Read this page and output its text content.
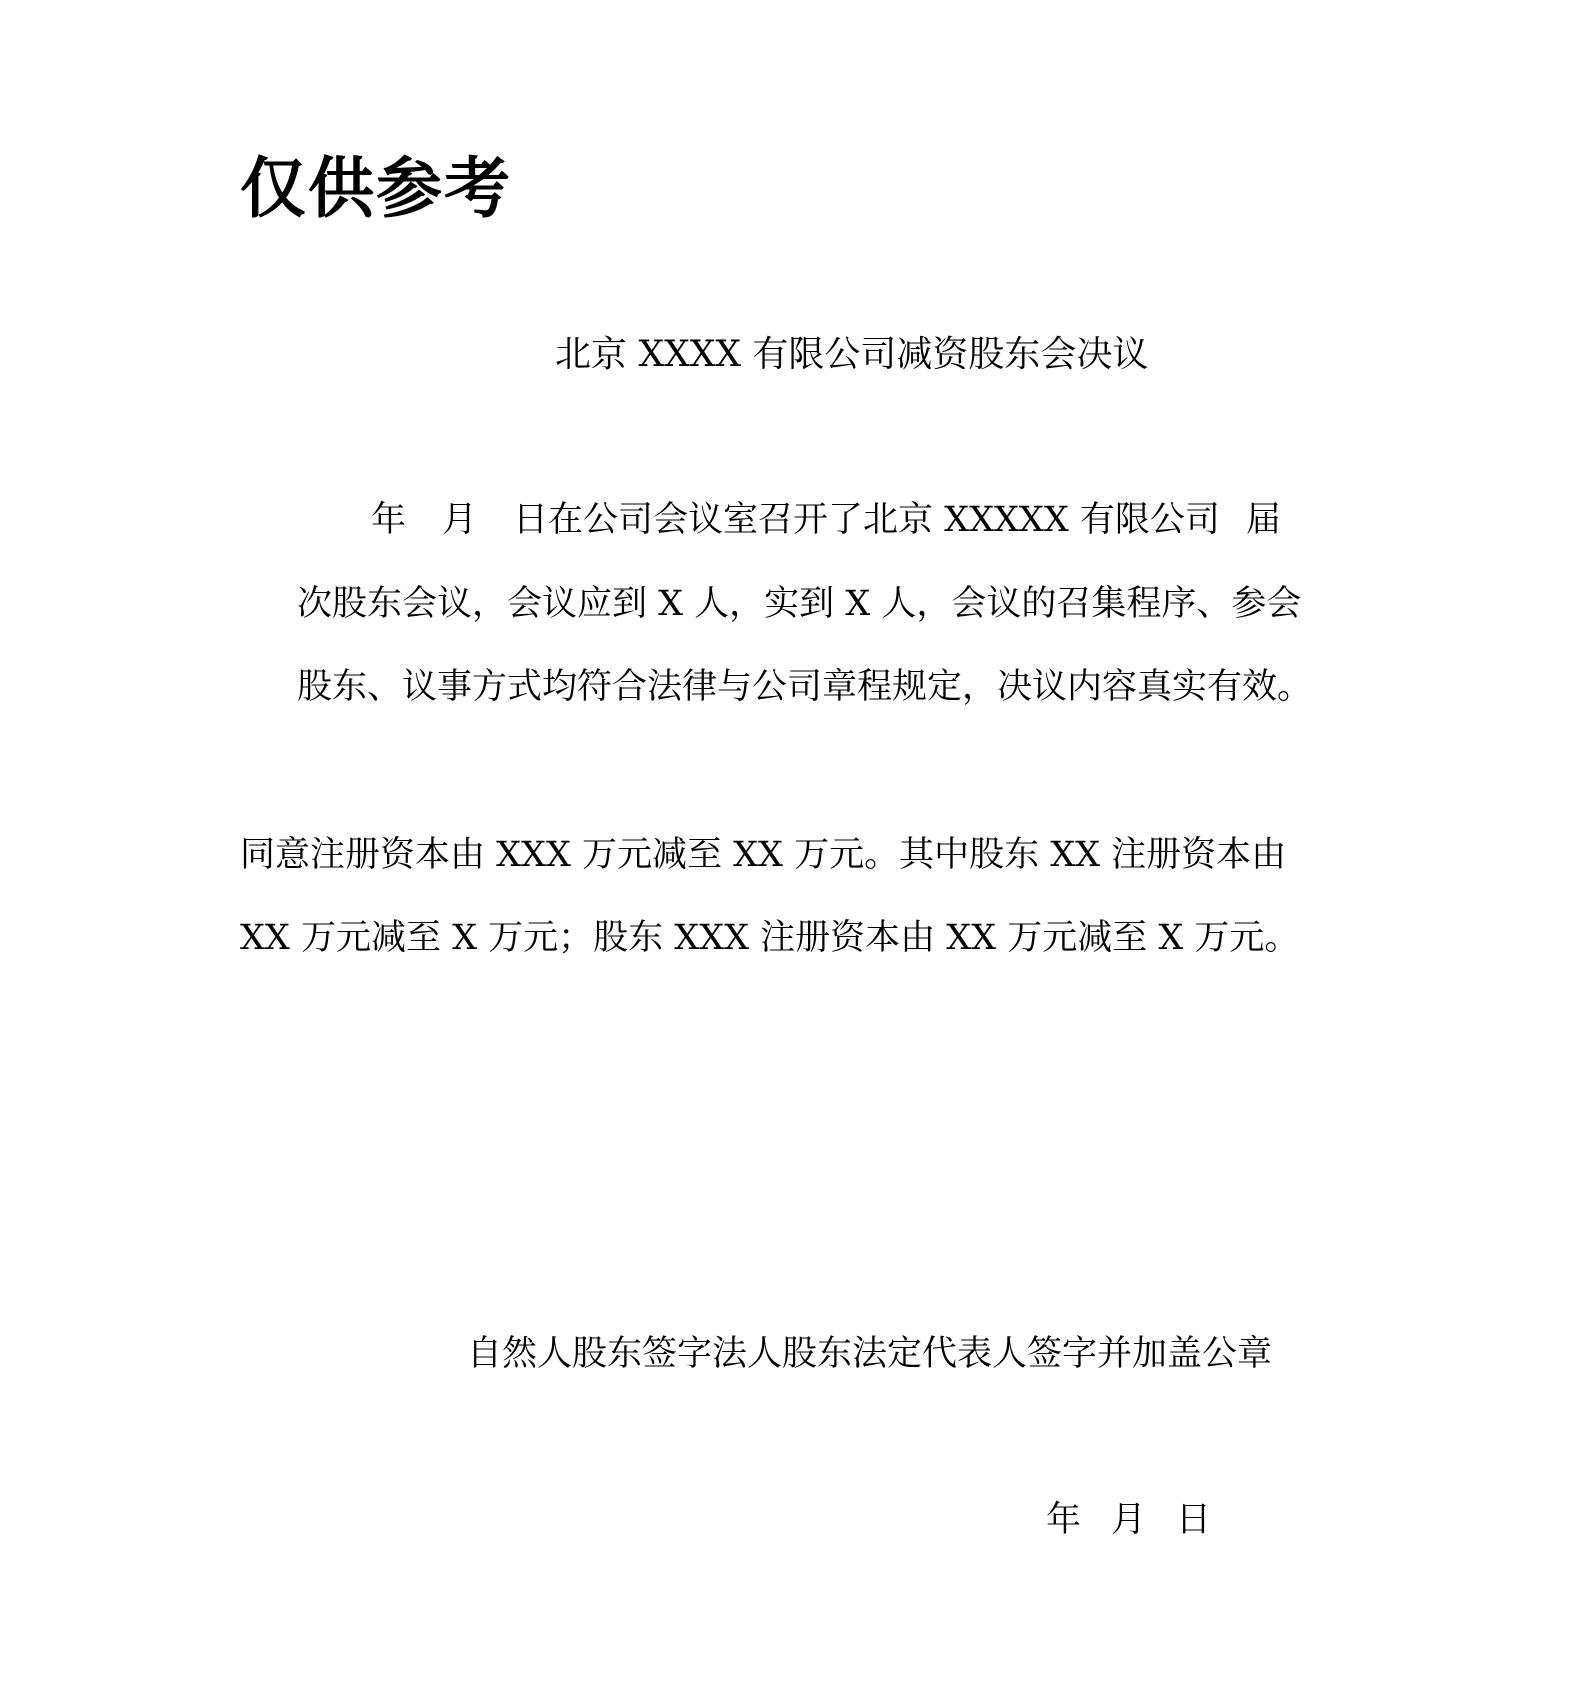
仅供参考
北京 XXXX 有限公司减资股东会决议
年 月 日在公司会议室召开了北京 XXXXX 有限公司 届
次股东会议，会议应到 X 人，实到 X 人，会议的召集程序、参会
股东、议事方式均符合法律与公司章程规定，决议内容真实有效。
同意注册资本由 XXX 万元减至 XX 万元。其中股东 XX 注册资本由
XX 万元减至 X 万元；股东 XXX 注册资本由 XX 万元减至 X 万元。
自然人股东签字法人股东法定代表人签字并加盖公章
年 月 日
